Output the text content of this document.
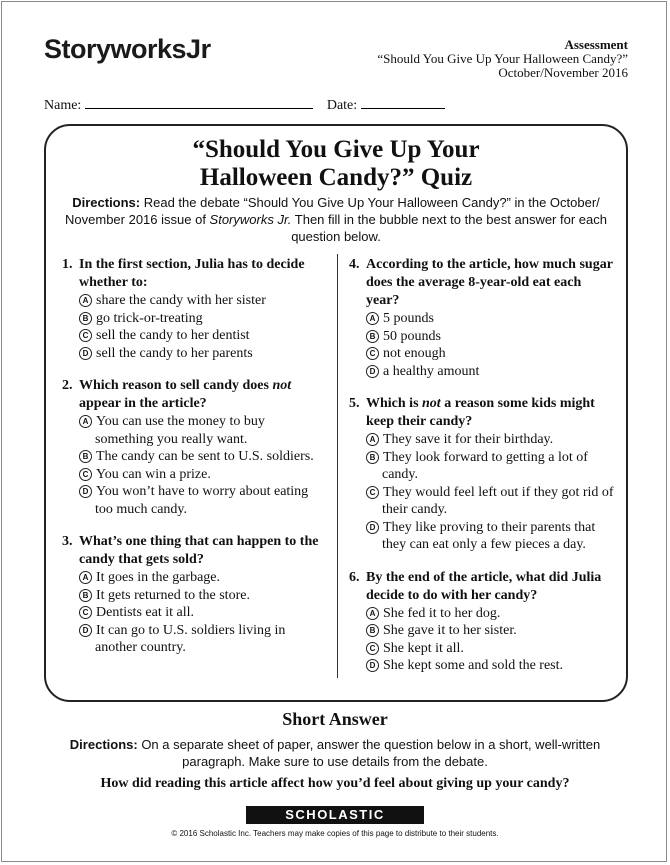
StoryworksJr	Assessment
“Should You Give Up Your Halloween Candy?”
October/November 2016
Name:	Date:
“Should You Give Up Your
Halloween Candy?” Quiz
Directions: Read the debate “Should You Give Up Your Halloween Candy?” in the October/ November 2016 issue of Storyworks Jr. Then fill in the bubble next to the best answer for each question below.
1. In the first section, Julia has to decide whether to:
A share the candy with her sister
B go trick-or-treating
C sell the candy to her dentist
D sell the candy to her parents
2. Which reason to sell candy does not appear in the article?
A You can use the money to buy something you really want.
B The candy can be sent to U.S. soldiers.
C You can win a prize.
D You won’t have to worry about eating too much candy.
3. What’s one thing that can happen to the candy that gets sold?
A It goes in the garbage.
B It gets returned to the store.
C Dentists eat it all.
D It can go to U.S. soldiers living in another country.
4. According to the article, how much sugar does the average 8-year-old eat each year?
A 5 pounds
B 50 pounds
C not enough
D a healthy amount
5. Which is not a reason some kids might keep their candy?
A They save it for their birthday.
B They look forward to getting a lot of candy.
C They would feel left out if they got rid of their candy.
D They like proving to their parents that they can eat only a few pieces a day.
6. By the end of the article, what did Julia decide to do with her candy?
A She fed it to her dog.
B She gave it to her sister.
C She kept it all.
D She kept some and sold the rest.
Short Answer
Directions: On a separate sheet of paper, answer the question below in a short, well-written paragraph. Make sure to use details from the debate.
How did reading this article affect how you’d feel about giving up your candy?
SCHOLASTIC
© 2016 Scholastic Inc. Teachers may make copies of this page to distribute to their students.
